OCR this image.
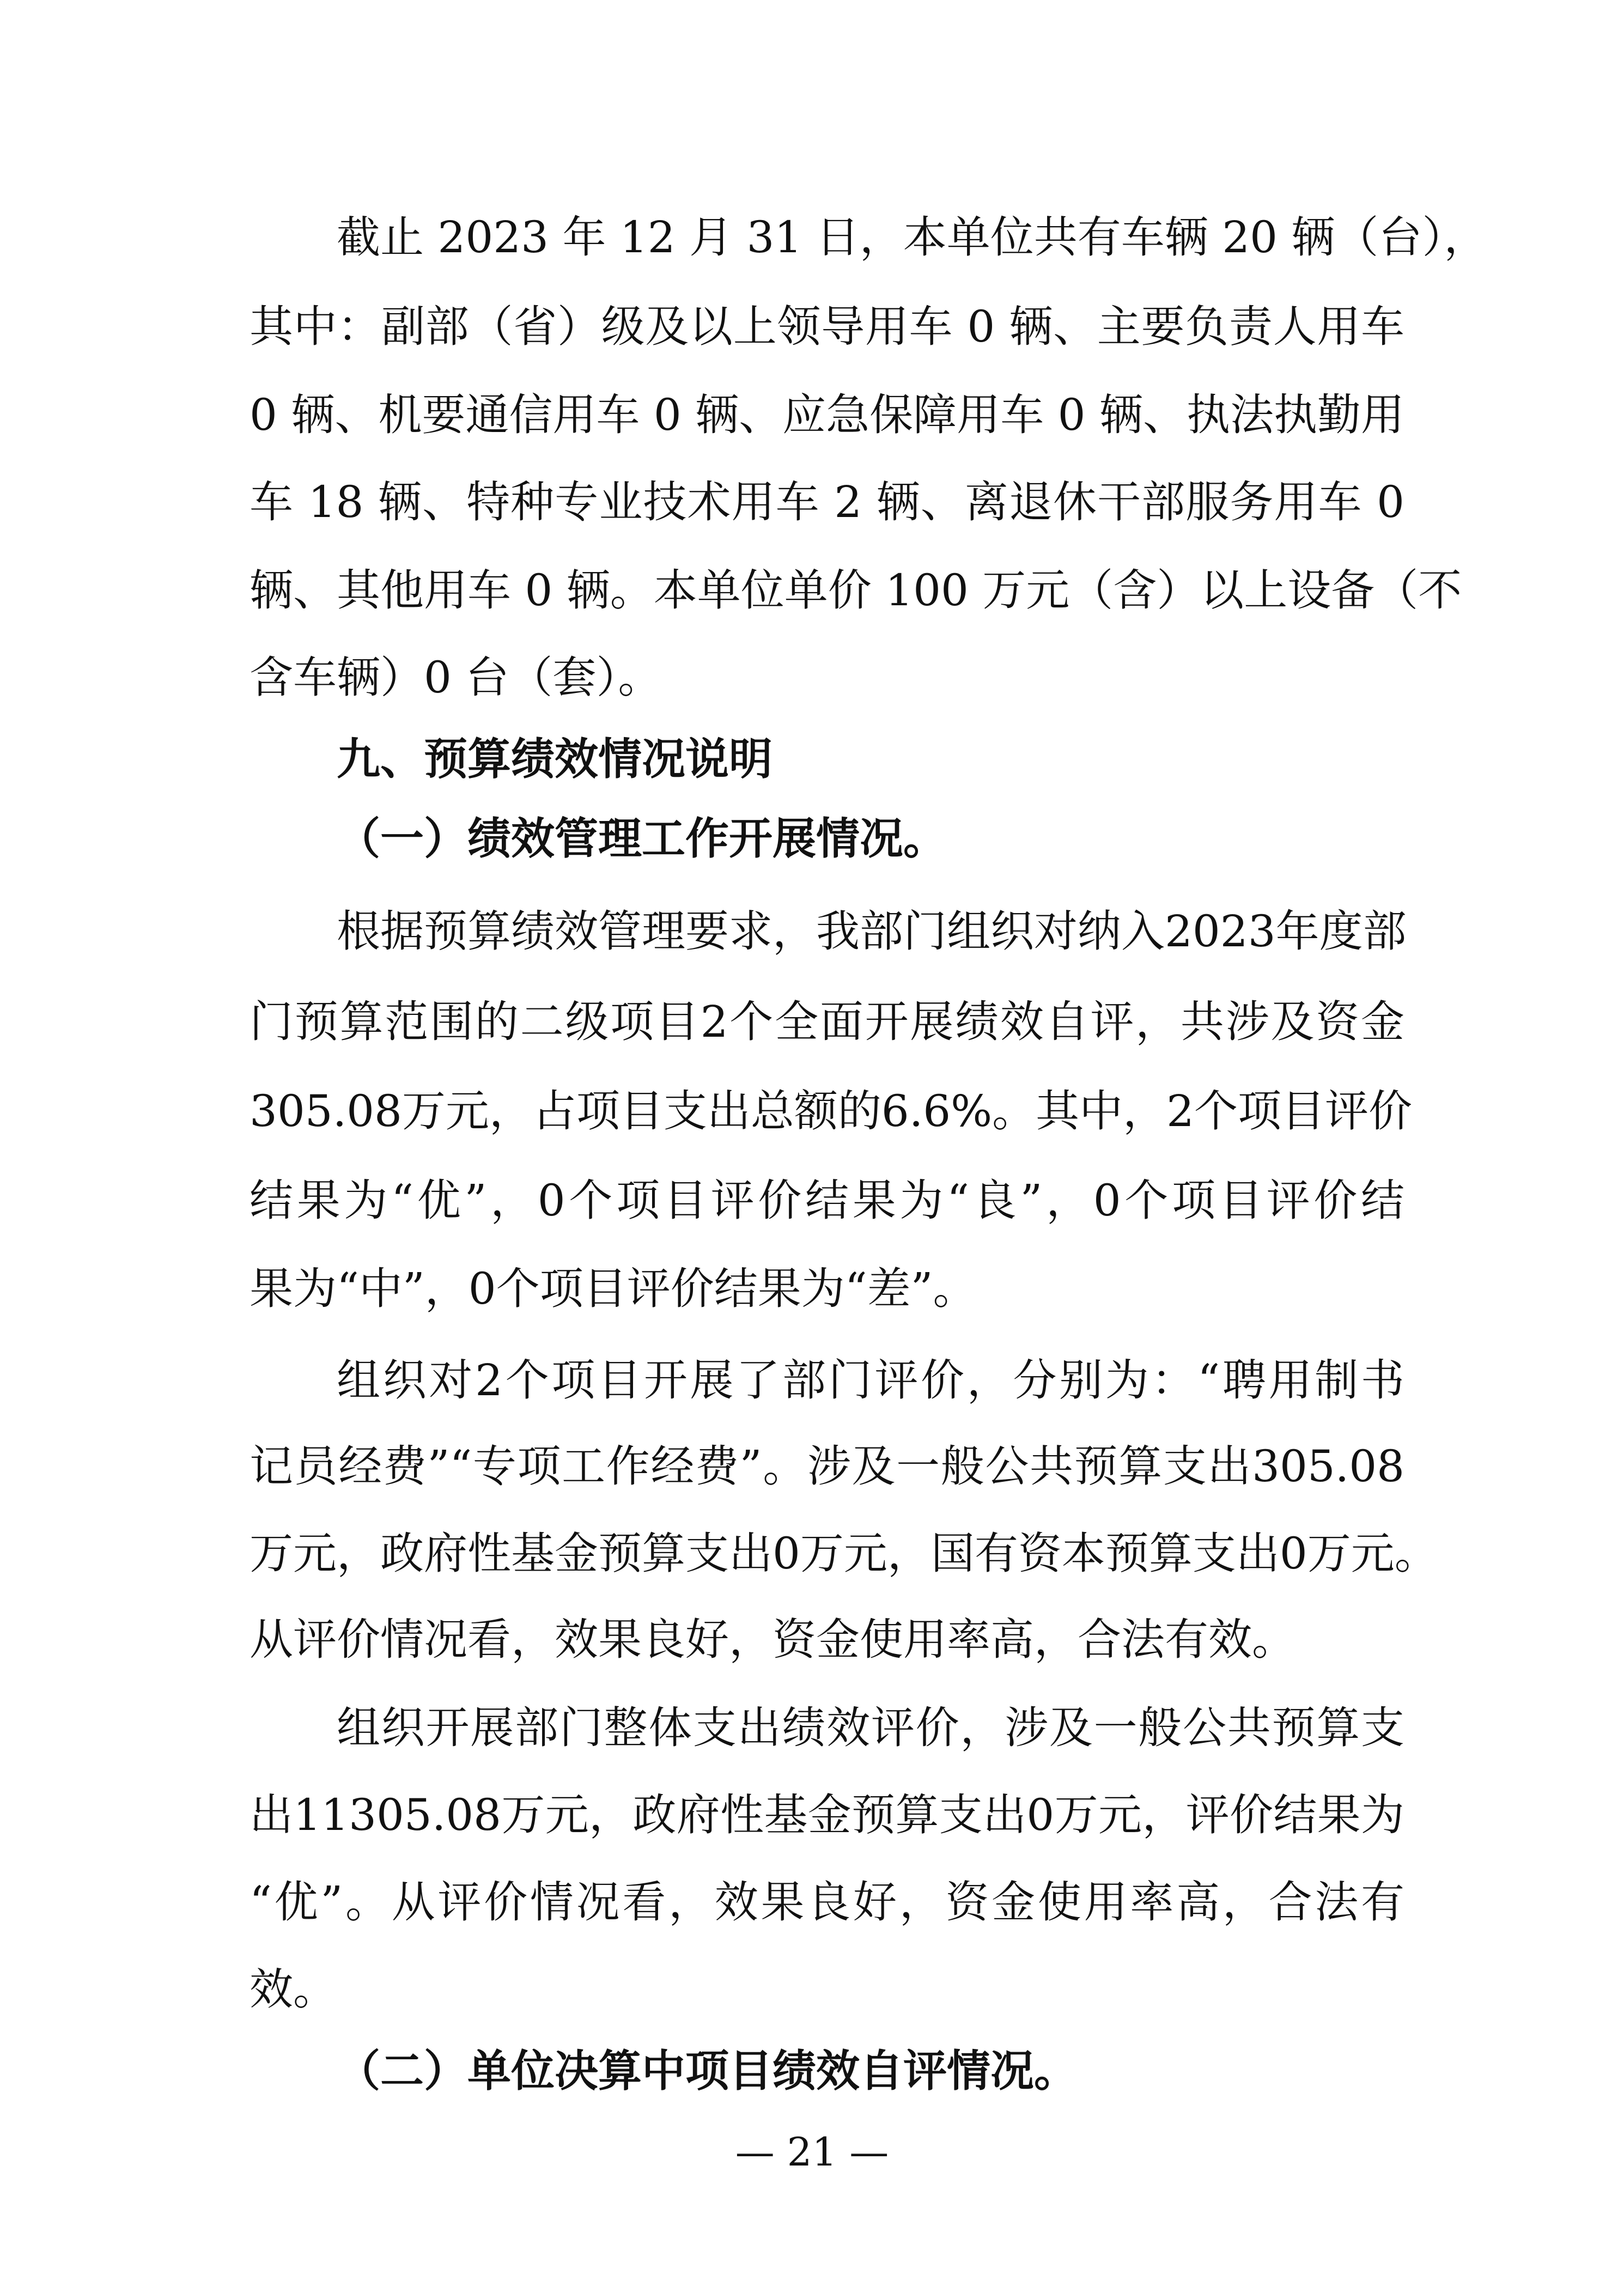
截止 2023 年 12 月 31 日，本单位共有车辆 20 辆（台），
其中：副部（省）级及以上领导用车 0 辆、主要负责人用车
0 辆、机要通信用车 0 辆、应急保障用车 0 辆、执法执勤用
车 18 辆、特种专业技术用车 2 辆、离退休干部服务用车 0
辆、其他用车 0 辆。本单位单价 100 万元（含）以上设备（不
含车辆）0 台（套）。
九、预算绩效情况说明
（一）绩效管理工作开展情况。
根据预算绩效管理要求，我部门组织对纳入2023年度部
门预算范围的二级项目2个全面开展绩效自评，共涉及资金
305.08万元，占项目支出总额的6.6%。其中，2个项目评价
结果为“优”，0个项目评价结果为“良”，0个项目评价结
果为“中”，0个项目评价结果为“差”。
组织对2个项目开展了部门评价，分别为：“聘用制书
记员经费”“专项工作经费”。涉及一般公共预算支出305.08
万元，政府性基金预算支出0万元，国有资本预算支出0万元。
从评价情况看，效果良好，资金使用率高，合法有效。
组织开展部门整体支出绩效评价，涉及一般公共预算支
出11305.08万元，政府性基金预算支出0万元，评价结果为
“优”。从评价情况看，效果良好，资金使用率高，合法有
效。
（二）单位决算中项目绩效自评情况。
— 21 —
